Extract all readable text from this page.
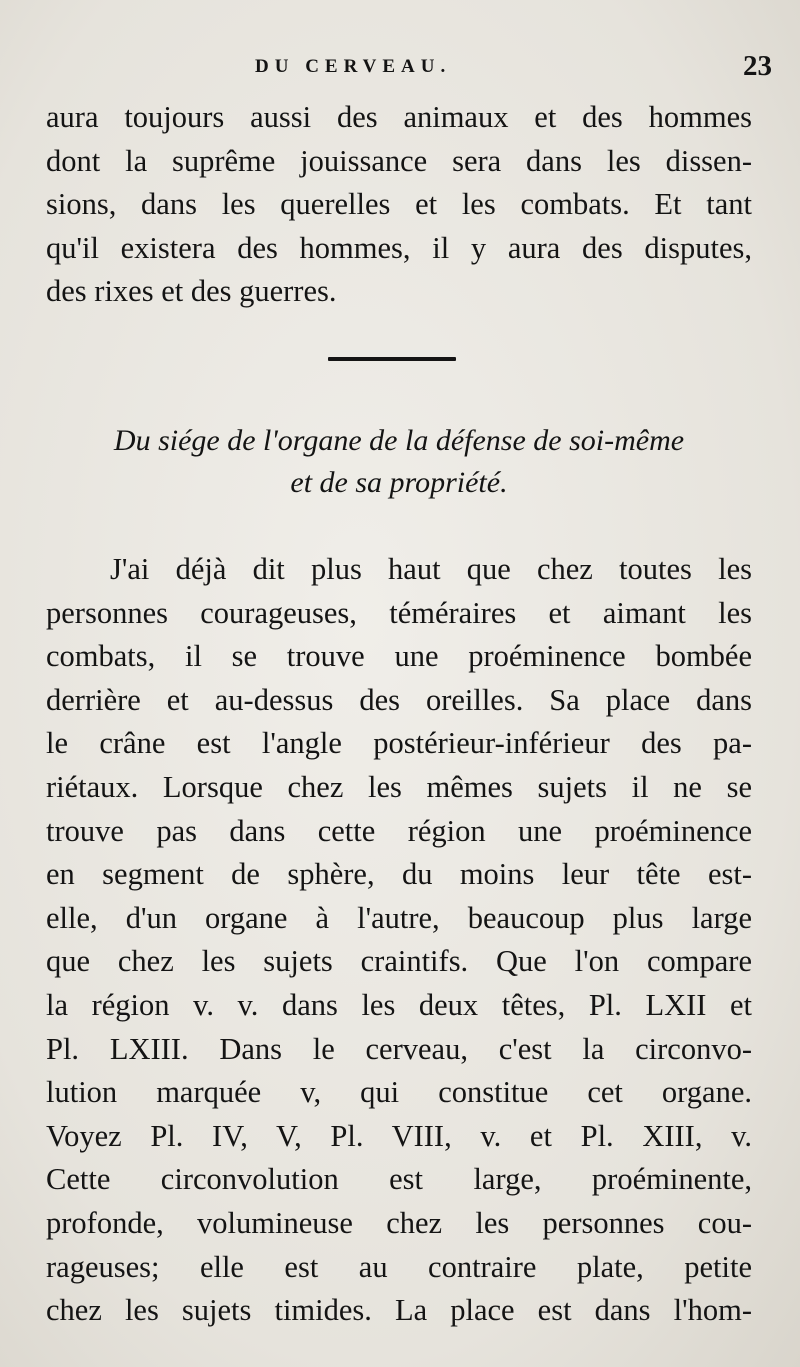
DU CERVEAU.	23
aura toujours aussi des animaux et des hommes
dont la suprême jouissance sera dans les dissen-
sions, dans les querelles et les combats. Et tant
qu'il existera des hommes, il y aura des disputes,
des rixes et des guerres.
Du siége de l'organe de la défense de soi-même
et de sa propriété.
J'ai déjà dit plus haut que chez toutes les
personnes courageuses, téméraires et aimant les
combats, il se trouve une proéminence bombée
derrière et au-dessus des oreilles. Sa place dans
le crâne est l'angle postérieur-inférieur des pa-
riétaux. Lorsque chez les mêmes sujets il ne se
trouve pas dans cette région une proéminence
en segment de sphère, du moins leur tête est-
elle, d'un organe à l'autre, beaucoup plus large
que chez les sujets craintifs. Que l'on compare
la région v. v. dans les deux têtes, Pl. LXII et
Pl. LXIII. Dans le cerveau, c'est la circonvo-
lution marquée v, qui constitue cet organe.
Voyez Pl. IV, V, Pl. VIII, v. et Pl. XIII, v.
Cette circonvolution est large, proéminente,
profonde, volumineuse chez les personnes cou-
rageuses; elle est au contraire plate, petite
chez les sujets timides. La place est dans l'hom-
